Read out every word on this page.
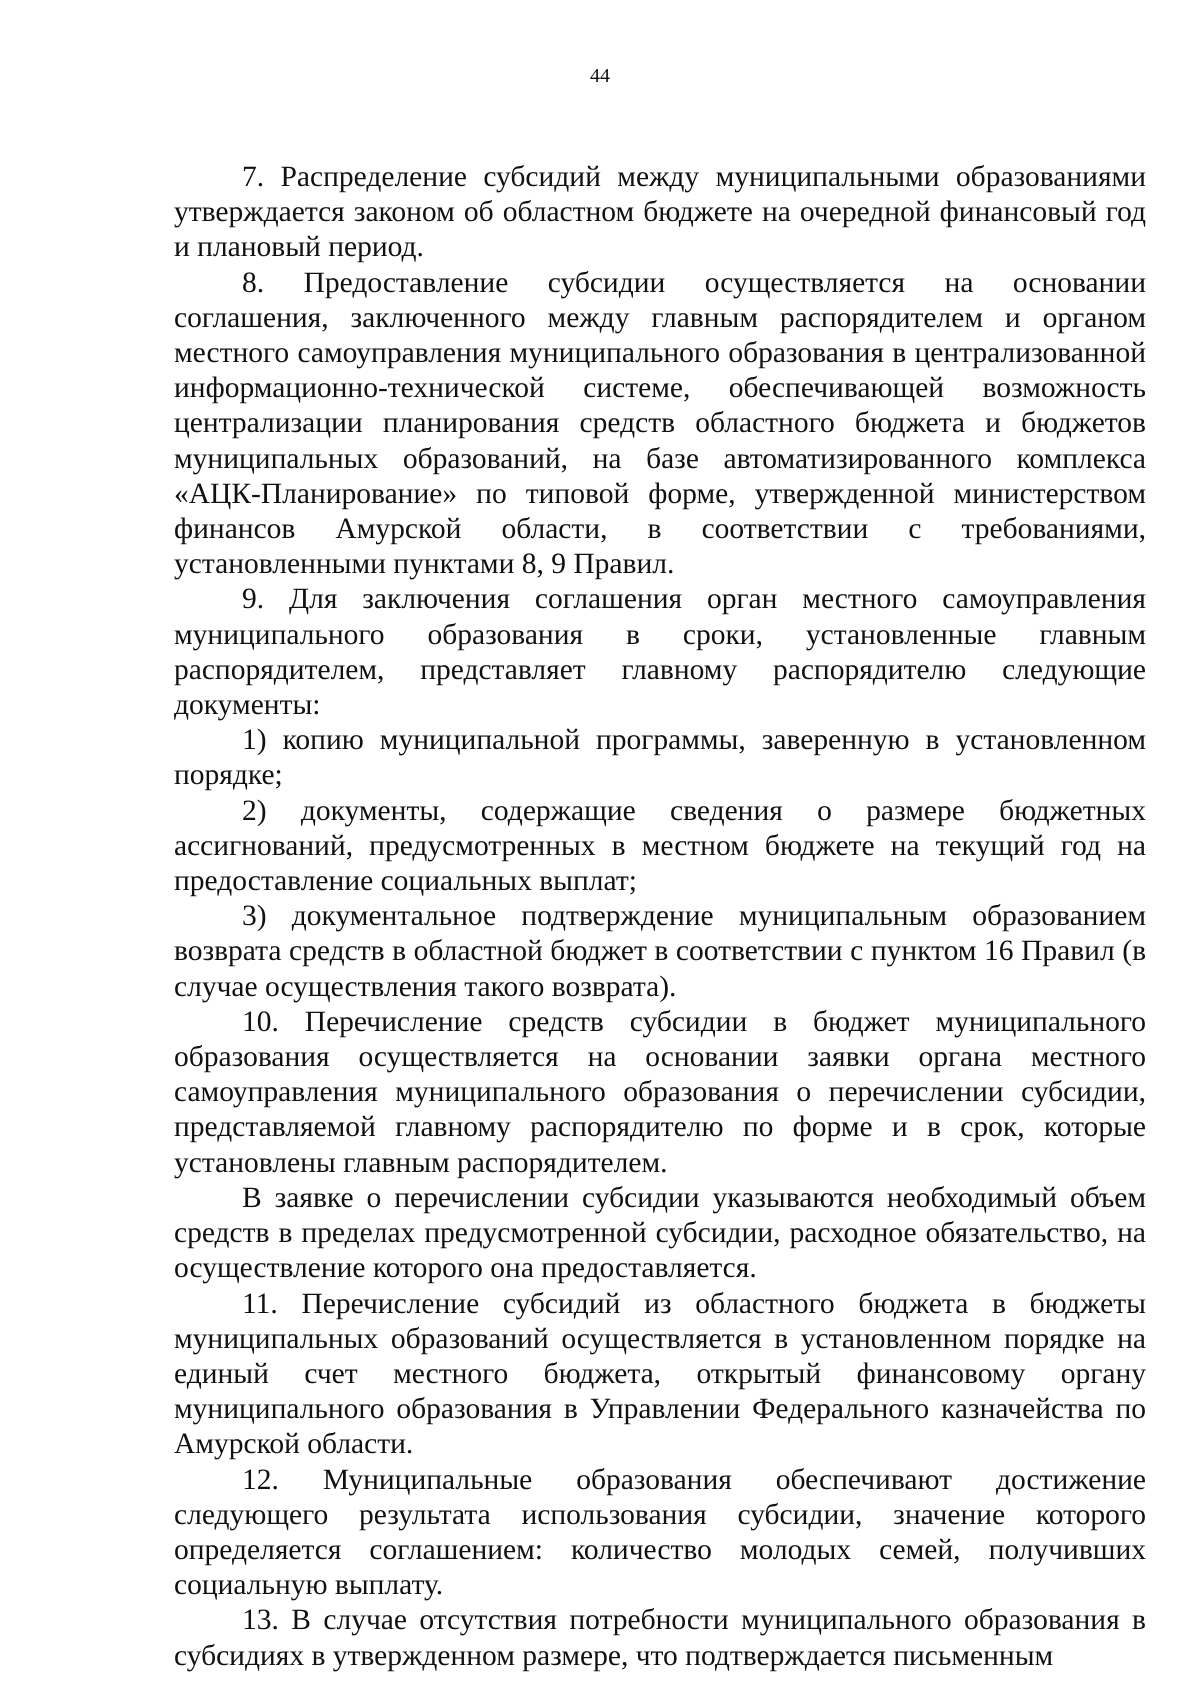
44

7. Распределение субсидий между муниципальными образованиями утверждается законом об областном бюджете на очередной финансовый год и плановый период.

8. Предоставление субсидии осуществляется на основании соглашения, заключенного между главным распорядителем и органом местного самоуправления муниципального образования в централизованной информационно-технической системе, обеспечивающей возможность централизации планирования средств областного бюджета и бюджетов муниципальных образований, на базе автоматизированного комплекса «АЦК-Планирование» по типовой форме, утвержденной министерством финансов Амурской области, в соответствии с требованиями, установленными пунктами 8, 9 Правил.

9. Для заключения соглашения орган местного самоуправления муниципального образования в сроки, установленные главным распорядителем, представляет главному распорядителю следующие документы:

1) копию муниципальной программы, заверенную в установленном порядке;

2) документы, содержащие сведения о размере бюджетных ассигнований, предусмотренных в местном бюджете на текущий год на предоставление социальных выплат;

3) документальное подтверждение муниципальным образованием возврата средств в областной бюджет в соответствии с пунктом 16 Правил (в случае осуществления такого возврата).

10. Перечисление средств субсидии в бюджет муниципального образования осуществляется на основании заявки органа местного самоуправления муниципального образования о перечислении субсидии, представляемой главному распорядителю по форме и в срок, которые установлены главным распорядителем.

В заявке о перечислении субсидии указываются необходимый объем средств в пределах предусмотренной субсидии, расходное обязательство, на осуществление которого она предоставляется.

11. Перечисление субсидий из областного бюджета в бюджеты муниципальных образований осуществляется в установленном порядке на единый счет местного бюджета, открытый финансовому органу муниципального образования в Управлении Федерального казначейства по Амурской области.

12. Муниципальные образования обеспечивают достижение следующего результата использования субсидии, значение которого определяется соглашением: количество молодых семей, получивших социальную выплату.

13. В случае отсутствия потребности муниципального образования в субсидиях в утвержденном размере, что подтверждается письменным
